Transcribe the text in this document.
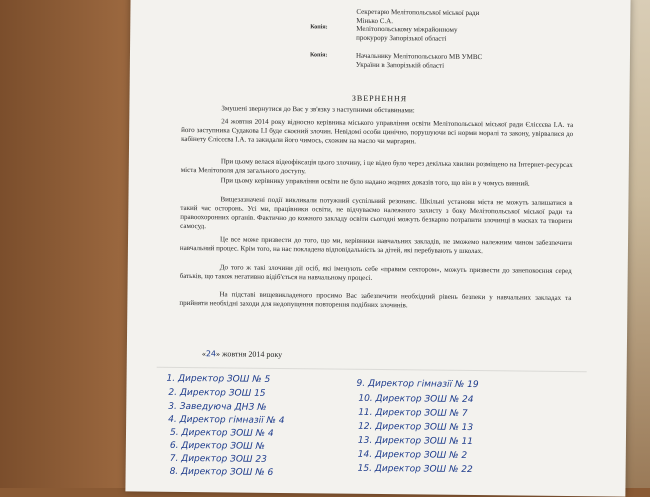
Секретарю Мелітопольської міської ради
Мінько С.А.
Копія:	Мелітопольському міжрайонному
прокурору Запорізької області
Копія:	Начальнику Мелітопольського МВ УМВС
України в Запорізькій області
ЗВЕРНЕННЯ
Змушені звернутися до Вас у зв'язку з наступними обставинами:
24 жовтня 2014 року відносно керівника міського управління освіти Мелітопольської міської ради Єлісєєва І.А. та його заступника Судакова І.І буде скоєний злочин. Невідомі особи цинічно, порушуючи всі норми моралі та закону, увірвалися до кабінету Єлісєєва І.А. та закидали його чимось, схожим на масло чи маргарин.
При цьому велася відеофіксація цього злочину, і це відео було через декілька хвилин розміщено на Інтернет-ресурсах міста Мелітополя для загального доступу.
При цьому керівнику управління освіти не було надано жодних доказів того, що він в у чомусь винний.
Вищезазначені події викликали потужний суспільний резонанс. Шкільні установи міста не можуть залишатися в такий час осторонь. Усі ми, працівники освіти, не відчуваємо належного захисту з боку Мелітопольської міської ради та правоохоронних органів. Фактично до кожного закладу освіти сьогодні можуть безкарно потрапити злочинці в масках та творити самосуд.
Це все може призвести до того, що ми, керівники навчальних закладів, не зможемо належним чином забезпечити навчальний процес. Крім того, на нас покладена відповідальність за дітей, які перебувають у школах.
До того ж такі злочини дії осіб, які іменують себе «правим сектором», можуть призвести до занепокоєння серед батьків, що також негативно відіб'ється на навчальному процесі.
На підставі вищевикладеного просимо Вас забезпечити необхідний рівень безпеки у навчальних закладах та прийняти необхідні заходи для недопущення повторення подібних злочинів.
«24» жовтня 2014 року
1. Директор ЗОШ № 5
2. Директор ЗОШ 15
3. Заведуюча ДНЗ №
4. Директор гімназії № 4
5. Директор ЗОШ № 4
6. Директор ЗОШ №
7. Директор ЗОШ 23
8. Директор ЗОШ № 6
9. Директор гімназії № 19
10. Директор ЗОШ № 24
11. Директор ЗОШ № 7
12. Директор ЗОШ № 13
13. Директор ЗОШ № 11
14. Директор ЗОШ № 2
15. Директор ЗОШ № 22
